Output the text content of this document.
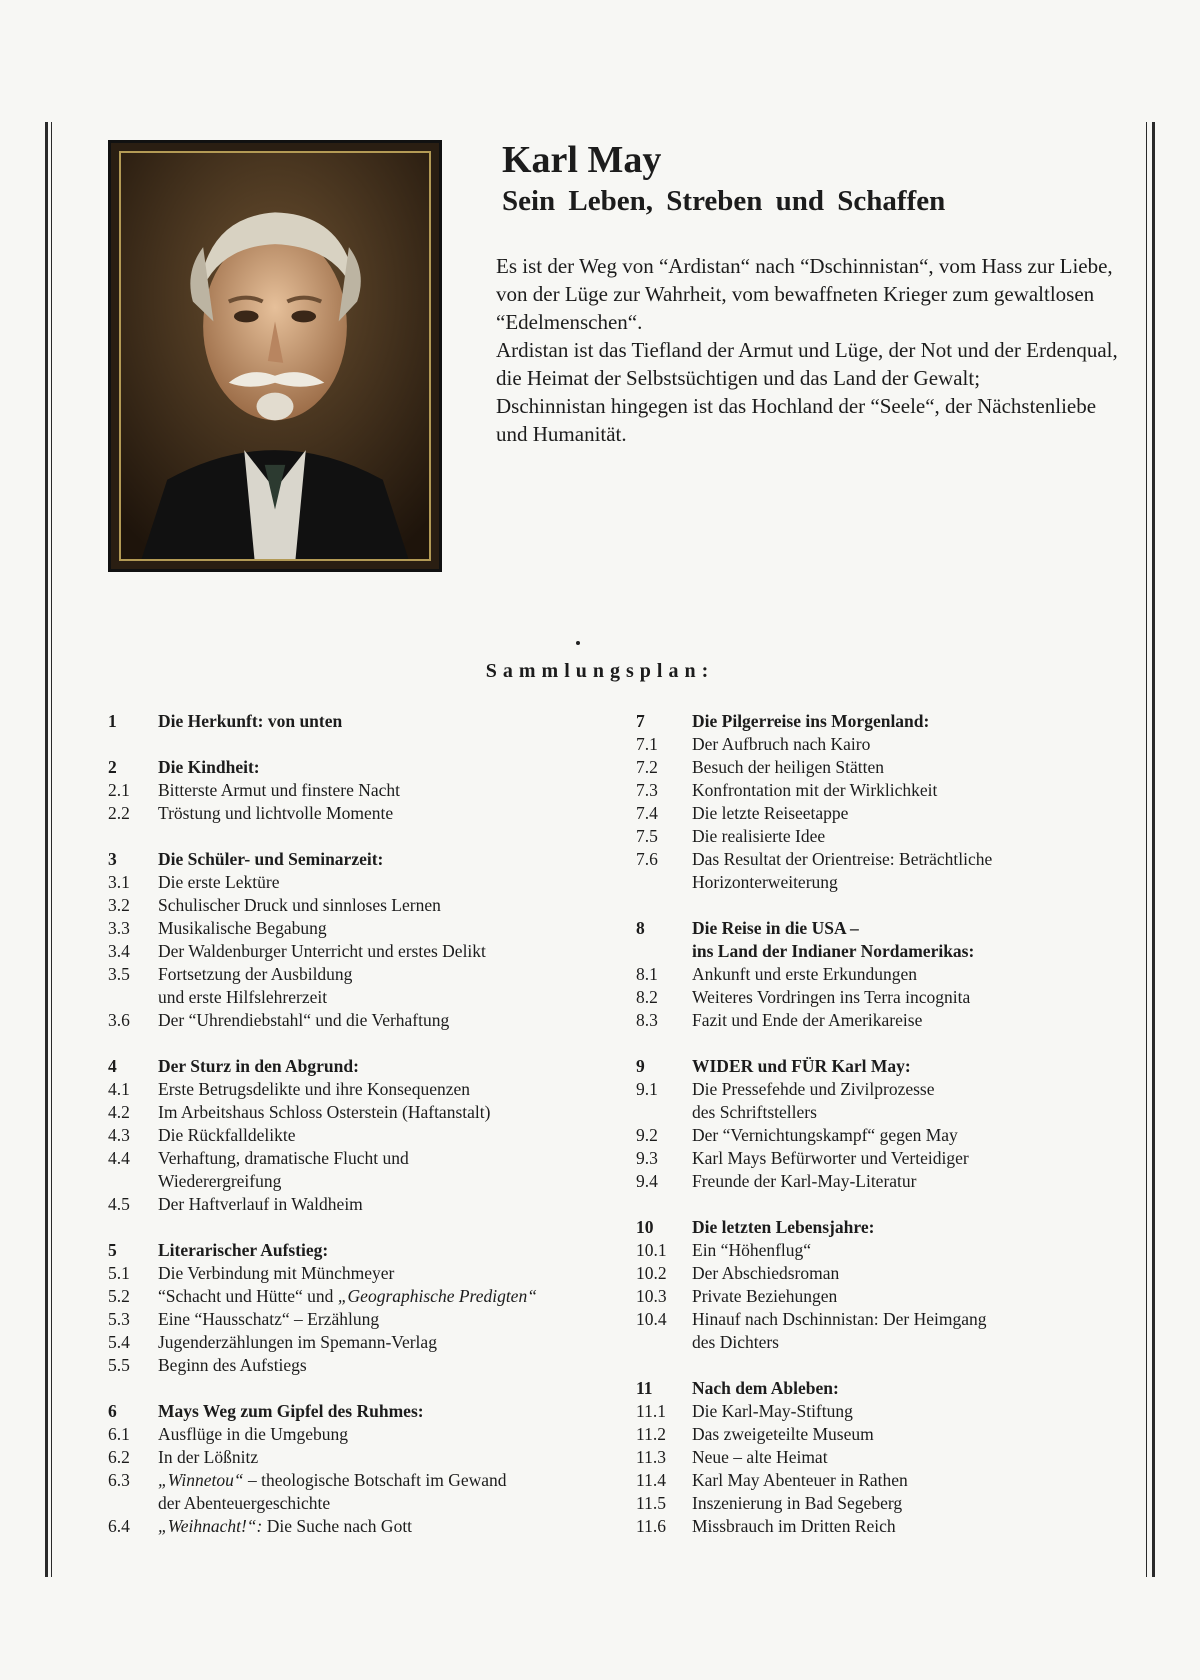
Karl May
Sein Leben, Streben und Schaffen

Es ist der Weg von “Ardistan“ nach “Dschinnistan“, vom Hass zur Liebe, von der Lüge zur Wahrheit, vom bewaffneten Krieger zum gewaltlosen “Edelmenschen“.

Ardistan ist das Tiefland der Armut und Lüge, der Not und der Erdenqual, die Heimat der Selbstsüchtigen und das Land der Gewalt;

Dschinnistan hingegen ist das Hochland der “Seele“, der Nächstenliebe und Humanität.

Sammlungsplan:
1	Die Herkunft: von unten
2	Die Kindheit:
2.1	Bitterste Armut und finstere Nacht
2.2	Tröstung und lichtvolle Momente
3	Die Schüler- und Seminarzeit:
3.1	Die erste Lektüre
3.2	Schulischer Druck und sinnloses Lernen
3.3	Musikalische Begabung
3.4	Der Waldenburger Unterricht und erstes Delikt
3.5	Fortsetzung der Ausbildung
und erste Hilfslehrerzeit
3.6	Der “Uhrendiebstahl“ und die Verhaftung
4	Der Sturz in den Abgrund:
4.1	Erste Betrugsdelikte und ihre Konsequenzen
4.2	Im Arbeitshaus Schloss Osterstein (Haftanstalt)
4.3	Die Rückfalldelikte
4.4	Verhaftung, dramatische Flucht und
Wiederergreifung
4.5	Der Haftverlauf in Waldheim
5	Literarischer Aufstieg:
5.1	Die Verbindung mit Münchmeyer
5.2	“Schacht und Hütte“ und „Geographische Predigten“
5.3	Eine “Hausschatz“ – Erzählung
5.4	Jugenderzählungen im Spemann-Verlag
5.5	Beginn des Aufstiegs
6	Mays Weg zum Gipfel des Ruhmes:
6.1	Ausflüge in die Umgebung
6.2	In der Lößnitz
6.3	„Winnetou“ – theologische Botschaft im Gewand
der Abenteuergeschichte
6.4	„Weihnacht!“: Die Suche nach Gott
7	Die Pilgerreise ins Morgenland:
7.1	Der Aufbruch nach Kairo
7.2	Besuch der heiligen Stätten
7.3	Konfrontation mit der Wirklichkeit
7.4	Die letzte Reiseetappe
7.5	Die realisierte Idee
7.6	Das Resultat der Orientreise: Beträchtliche
Horizonterweiterung
8	Die Reise in die USA –
ins Land der Indianer Nordamerikas:
8.1	Ankunft und erste Erkundungen
8.2	Weiteres Vordringen ins Terra incognita
8.3	Fazit und Ende der Amerikareise
9	WIDER und FÜR Karl May:
9.1	Die Pressefehde und Zivilprozesse
des Schriftstellers
9.2	Der “Vernichtungskampf“ gegen May
9.3	Karl Mays Befürworter und Verteidiger
9.4	Freunde der Karl-May-Literatur
10	Die letzten Lebensjahre:
10.1	Ein “Höhenflug“
10.2	Der Abschiedsroman
10.3	Private Beziehungen
10.4	Hinauf nach Dschinnistan: Der Heimgang
des Dichters
11	Nach dem Ableben:
11.1	Die Karl-May-Stiftung
11.2	Das zweigeteilte Museum
11.3	Neue – alte Heimat
11.4	Karl May Abenteuer in Rathen
11.5	Inszenierung in Bad Segeberg
11.6	Missbrauch im Dritten Reich
